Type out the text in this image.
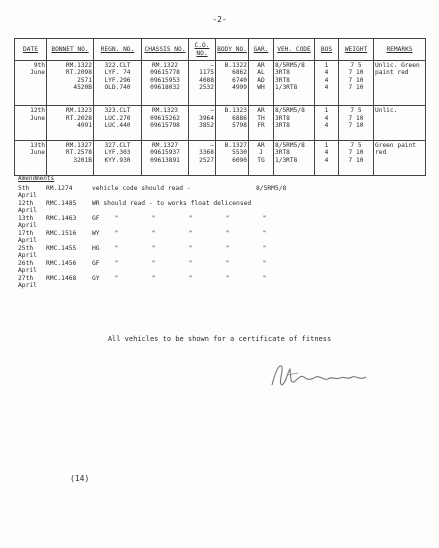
-2-
DATE	BONNET NO.	REGN. NO.	CHASSIS NO.	C.O. NO.	BODY NO.	GAR.	VEH. CODE	BOS	WEIGHT	REMARKS

9th
June	RM.1322
RT.2098
2571
4520B	322.CLT
LYF. 74
LYF.296
OLD.740	RM.1322
09615778
09615953
09618032	–
1175
4088
2532	B.1322
6862
6740
4999	AR
AL
AD
WH	8/5RM5/8
3RT8
3RT8
1/3RT8	1
4
4
4	7 5
7 10
7 10
7 10	Unlic. Green
paint red

12th
June	RM.1323
RT.2028
4091	323.CLT
LUC.270
LUC.440	RM.1323
09615262
09615798	–
3964
3852	B.1323
6886
5798	AR
TH
FR	8/5RM5/8
3RT8
3RT8	1
4
4	7 5
7 10
7 10	Unlic.

13th
June	RM.1327
RT.2578
3201B	327.CLT
LYF.303
KYY.930	RM.1327
09615937
09613891	–
3368
2527	B.1327
5530
6090	AR
J
TG	8/5RM5/8
3RT8
1/3RT8	1
4
4	7 5
7 10
7 10	Green paint
red
Amendments
5th
April
RM.1274	vehicle code should read -	8/5RM5/8
12th
April
RMC.1485 WR should read - to works float delicensed
13th
April
RMC.1463 GF	"	"	"	"	"
17th
April
RMC.1516 WY	"	"	"	"	"
25th
April
RMC.1455 HG	"	"	"	"	"
26th
April
RMC.1456 GF	"	"	"	"	"
27th
April
RMC.1468 GY	"	"	"	"	"
All vehicles to be shown for a certificate of fitness
(14)
